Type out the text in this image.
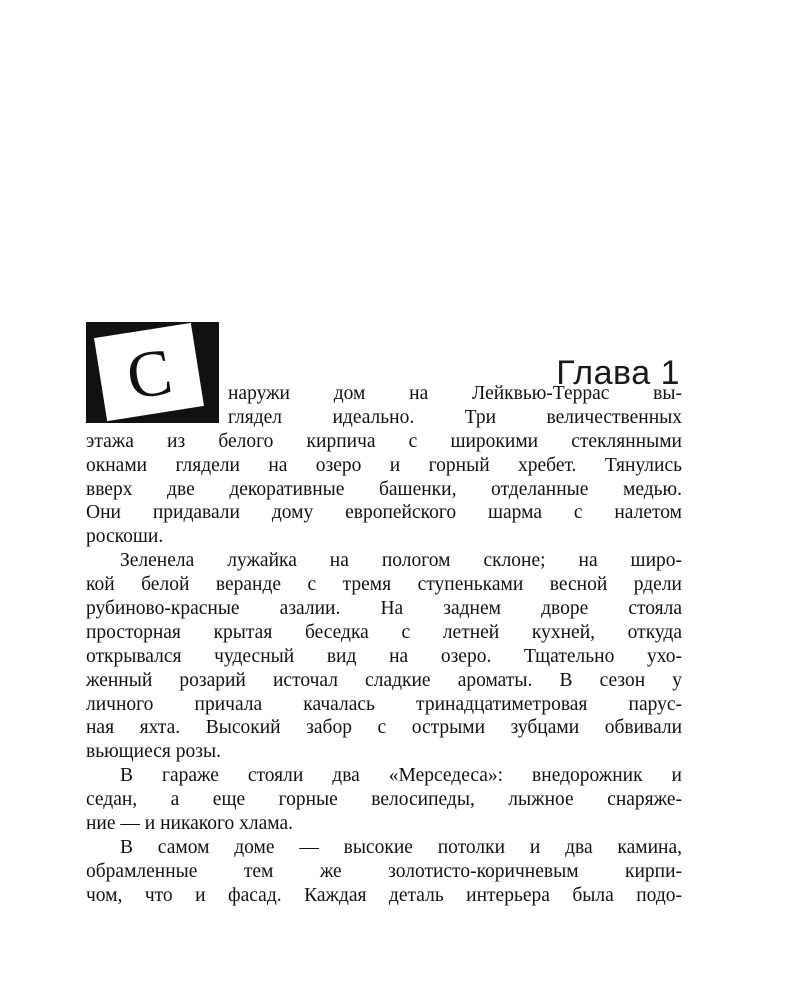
С	Глава 1
наружи дом на Лейквью-Террас вы-
глядел идеально. Три величественных
этажа из белого кирпича с широкими стеклянными
окнами глядели на озеро и горный хребет. Тянулись
вверх две декоративные башенки, отделанные медью.
Они придавали дому европейского шарма с налетом
роскоши.
Зеленела лужайка на пологом склоне; на широ-
кой белой веранде с тремя ступеньками весной рдели
рубиново-красные азалии. На заднем дворе стояла
просторная крытая беседка с летней кухней, откуда
открывался чудесный вид на озеро. Тщательно ухо-
женный розарий источал сладкие ароматы. В сезон у
личного причала качалась тринадцатиметровая парус-
ная яхта. Высокий забор с острыми зубцами обвивали
вьющиеся розы.
В гараже стояли два «Мерседеса»: внедорожник и
седан, а еще горные велосипеды, лыжное снаряже-
ние — и никакого хлама.
В самом доме — высокие потолки и два камина,
обрамленные тем же золотисто-коричневым кирпи-
чом, что и фасад. Каждая деталь интерьера была подо-
